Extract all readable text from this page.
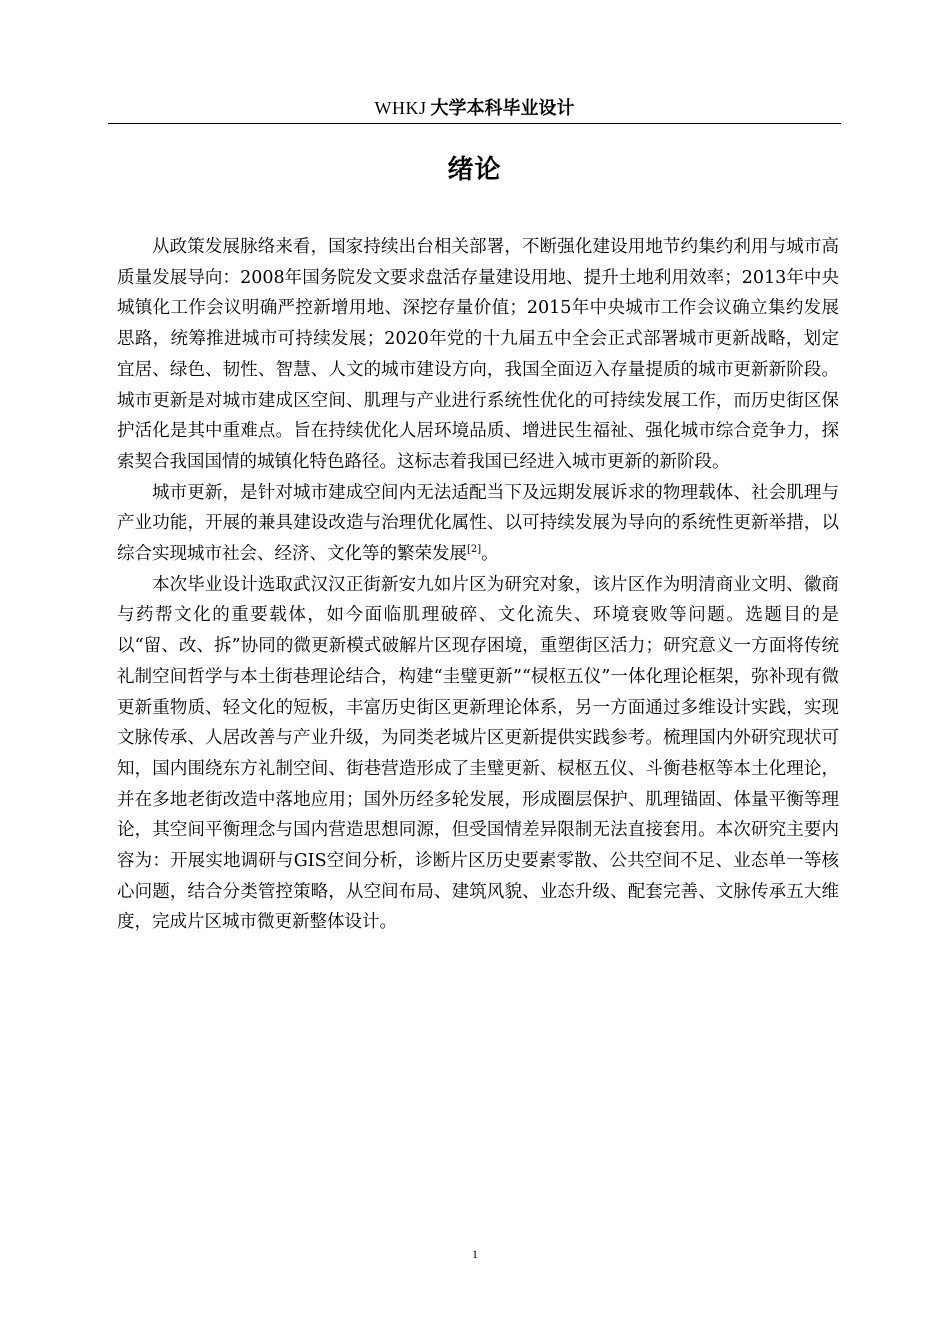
WHKJ 大学本科毕业设计
绪论

从政策发展脉络来看，国家持续出台相关部署，不断强化建设用地节约集约利用与城市高质量发展导向：2008年国务院发文要求盘活存量建设用地、提升土地利用效率；2013年中央城镇化工作会议明确严控新增用地、深挖存量价值；2015年中央城市工作会议确立集约发展思路，统筹推进城市可持续发展；2020年党的十九届五中全会正式部署城市更新战略，划定宜居、绿色、韧性、智慧、人文的城市建设方向，我国全面迈入存量提质的城市更新新阶段。城市更新是对城市建成区空间、肌理与产业进行系统性优化的可持续发展工作，而历史街区保护活化是其中重难点。旨在持续优化人居环境品质、增进民生福祉、强化城市综合竞争力，探索契合我国国情的城镇化特色路径。这标志着我国已经进入城市更新的新阶段。

城市更新，是针对城市建成空间内无法适配当下及远期发展诉求的物理载体、社会肌理与产业功能，开展的兼具建设改造与治理优化属性、以可持续发展为导向的系统性更新举措，以综合实现城市社会、经济、文化等的繁荣发展[2]。

本次毕业设计选取武汉汉正街新安九如片区为研究对象，该片区作为明清商业文明、徽商与药帮文化的重要载体，如今面临肌理破碎、文化流失、环境衰败等问题。选题目的是以“留、改、拆”协同的微更新模式破解片区现存困境，重塑街区活力；研究意义一方面将传统礼制空间哲学与本土街巷理论结合，构建“圭璧更新”“棂枢五仪”一体化理论框架，弥补现有微更新重物质、轻文化的短板，丰富历史街区更新理论体系，另一方面通过多维设计实践，实现文脉传承、人居改善与产业升级，为同类老城片区更新提供实践参考。梳理国内外研究现状可知，国内围绕东方礼制空间、街巷营造形成了圭璧更新、棂枢五仪、斗衡巷枢等本土化理论，并在多地老街改造中落地应用；国外历经多轮发展，形成圈层保护、肌理锚固、体量平衡等理论，其空间平衡理念与国内营造思想同源，但受国情差异限制无法直接套用。本次研究主要内容为：开展实地调研与GIS空间分析，诊断片区历史要素零散、公共空间不足、业态单一等核心问题，结合分类管控策略，从空间布局、建筑风貌、业态升级、配套完善、文脉传承五大维度，完成片区城市微更新整体设计。

1
